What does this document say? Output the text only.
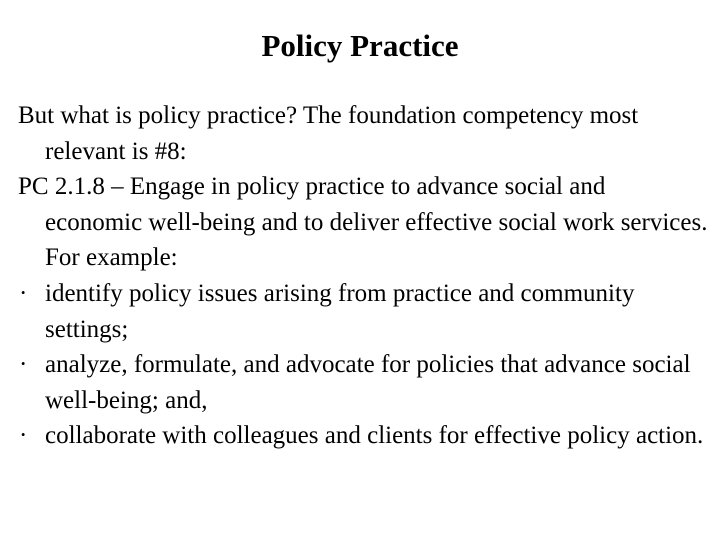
Policy Practice

But what is policy practice? The foundation competency most relevant is #8:

PC 2.1.8 – Engage in policy practice to advance social and economic well-being and to deliver effective social work services. For example:

· identify policy issues arising from practice and community settings;
· analyze, formulate, and advocate for policies that advance social well-being; and,
· collaborate with colleagues and clients for effective policy action.
